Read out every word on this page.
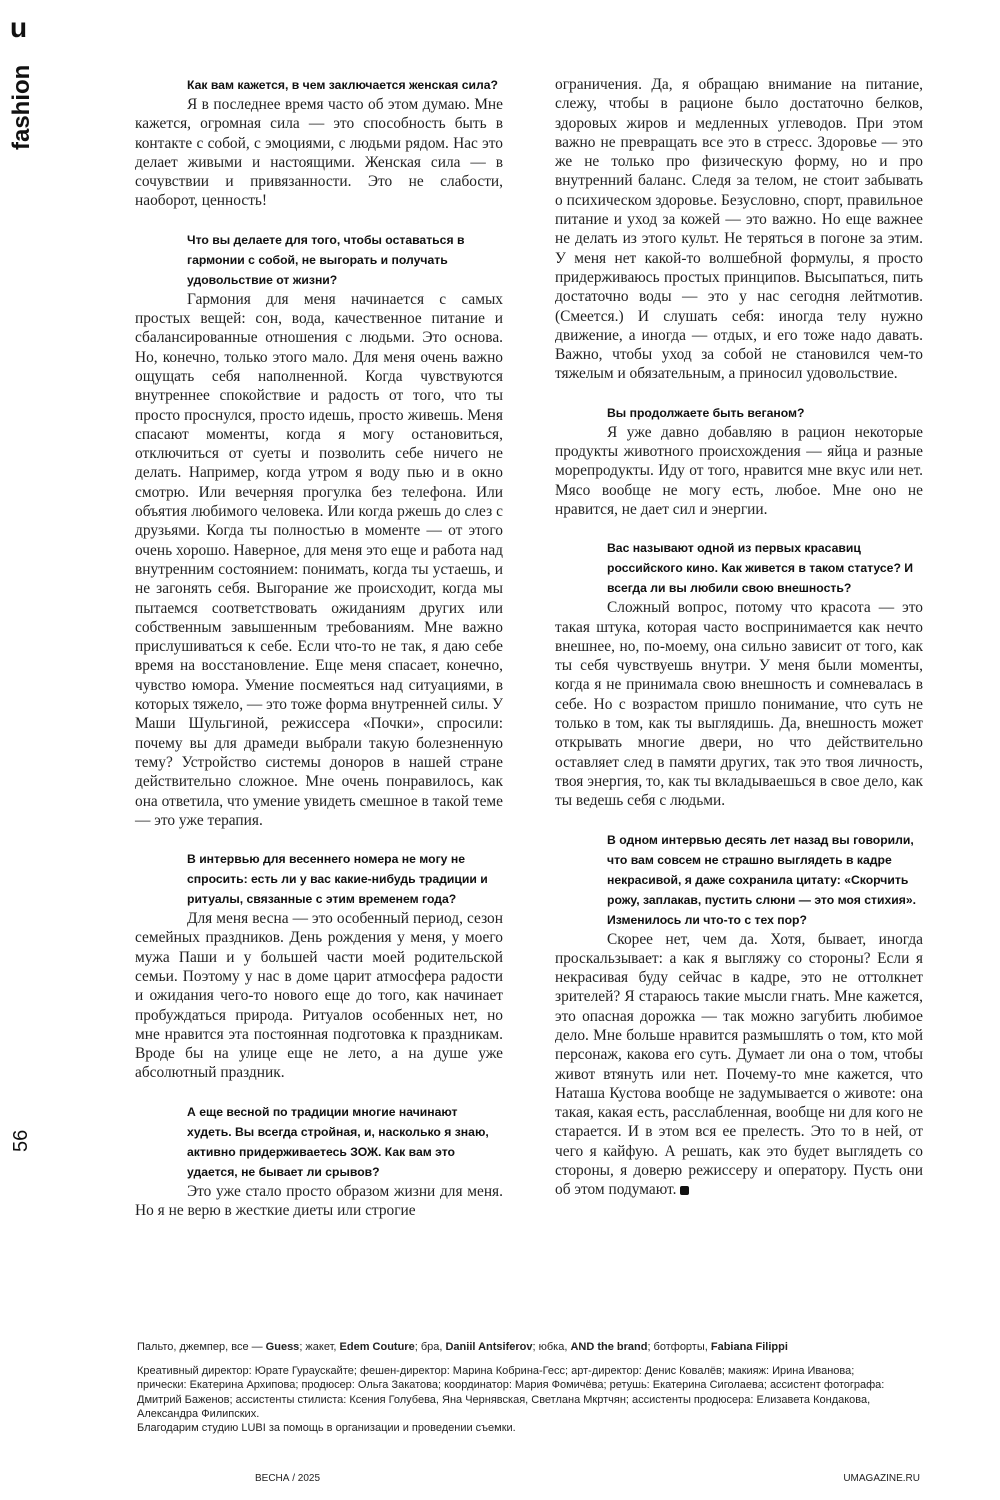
u
fashion
56

Как вам кажется, в чем заключается женская сила?

Я в последнее время часто об этом думаю. Мне кажется, огромная сила — это способность быть в контакте с собой, с эмоциями, с людьми рядом. Нас это делает живыми и настоящими. Женская сила — в сочувствии и привязанности. Это не слабости, наоборот, ценность!

Что вы делаете для того, чтобы оставаться в гармонии с собой, не выгорать и получать удовольствие от жизни?

Гармония для меня начинается с самых простых вещей: сон, вода, качественное питание и сбалансированные отношения с людьми. Это основа. Но, конечно, только этого мало. Для меня очень важно ощущать себя наполненной. Когда чувствуются внутреннее спокойствие и радость от того, что ты просто проснулся, просто идешь, просто живешь. Меня спасают моменты, когда я могу остановиться, отключиться от суеты и позволить себе ничего не делать. Например, когда утром я воду пью и в окно смотрю. Или вечерняя прогулка без телефона. Или объятия любимого человека. Или когда ржешь до слез с друзьями. Когда ты полностью в моменте — от этого очень хорошо. Наверное, для меня это еще и работа над внутренним состоянием: понимать, когда ты устаешь, и не загонять себя. Выгорание же происходит, когда мы пытаемся соответствовать ожиданиям других или собственным завышенным требованиям. Мне важно прислушиваться к себе. Если что-то не так, я даю себе время на восстановление. Еще меня спасает, конечно, чувство юмора. Умение посмеяться над ситуациями, в которых тяжело, — это тоже форма внутренней силы. У Маши Шульгиной, режиссера «Почки», спросили: почему вы для драмеди выбрали такую болезненную тему? Устройство системы доноров в нашей стране действительно сложное. Мне очень понравилось, как она ответила, что умение увидеть смешное в такой теме — это уже терапия.

В интервью для весеннего номера не могу не спросить: есть ли у вас какие-нибудь традиции и ритуалы, связанные с этим временем года?

Для меня весна — это особенный период, сезон семейных праздников. День рождения у меня, у моего мужа Паши и у большей части моей родительской семьи. Поэтому у нас в доме царит атмосфера радости и ожидания чего-то нового еще до того, как начинает пробуждаться природа. Ритуалов особенных нет, но мне нравится эта постоянная подготовка к праздникам. Вроде бы на улице еще не лето, а на душе уже абсолютный праздник.

А еще весной по традиции многие начинают худеть. Вы всегда стройная, и, насколько я знаю, активно придерживаетесь ЗОЖ. Как вам это удается, не бывает ли срывов?

Это уже стало просто образом жизни для меня. Но я не верю в жесткие диеты или строгие

ограничения. Да, я обращаю внимание на питание, слежу, чтобы в рационе было достаточно белков, здоровых жиров и медленных углеводов. При этом важно не превращать все это в стресс. Здоровье — это же не только про физическую форму, но и про внутренний баланс. Следя за телом, не стоит забывать о психическом здоровье. Безусловно, спорт, правильное питание и уход за кожей — это важно. Но еще важнее не делать из этого культ. Не теряться в погоне за этим. У меня нет какой-то волшебной формулы, я просто придерживаюсь простых принципов. Высыпаться, пить достаточно воды — это у нас сегодня лейтмотив. (Смеется.) И слушать себя: иногда телу нужно движение, а иногда — отдых, и его тоже надо давать. Важно, чтобы уход за собой не становился чем-то тяжелым и обязательным, а приносил удовольствие.

Вы продолжаете быть веганом?

Я уже давно добавляю в рацион некоторые продукты животного происхождения — яйца и разные морепродукты. Иду от того, нравится мне вкус или нет. Мясо вообще не могу есть, любое. Мне оно не нравится, не дает сил и энергии.

Вас называют одной из первых красавиц российского кино. Как живется в таком статусе? И всегда ли вы любили свою внешность?

Сложный вопрос, потому что красота — это такая штука, которая часто воспринимается как нечто внешнее, но, по-моему, она сильно зависит от того, как ты себя чувствуешь внутри. У меня были моменты, когда я не принимала свою внешность и сомневалась в себе. Но с возрастом пришло понимание, что суть не только в том, как ты выглядишь. Да, внешность может открывать многие двери, но что действительно оставляет след в памяти других, так это твоя личность, твоя энергия, то, как ты вкладываешься в свое дело, как ты ведешь себя с людьми.

В одном интервью десять лет назад вы говорили, что вам совсем не страшно выглядеть в кадре некрасивой, я даже сохранила цитату: «Скорчить рожу, заплакав, пустить слюни — это моя стихия». Изменилось ли что-то с тех пор?

Скорее нет, чем да. Хотя, бывает, иногда проскальзывает: а как я выгляжу со стороны? Если я некрасивая буду сейчас в кадре, это не оттолкнет зрителей? Я стараюсь такие мысли гнать. Мне кажется, это опасная дорожка — так можно загубить любимое дело. Мне больше нравится размышлять о том, кто мой персонаж, какова его суть. Думает ли она о том, чтобы живот втянуть или нет. Почему-то мне кажется, что Наташа Кустова вообще не задумывается о животе: она такая, какая есть, расслабленная, вообще ни для кого не старается. И в этом вся ее прелесть. Это то в ней, от чего я кайфую. А решать, как это будет выглядеть со стороны, я доверю режиссеру и оператору. Пусть они об этом подумают.

Пальто, джемпер, все — Guess; жакет, Edem Couture; бра, Daniil Antsiferov; юбка, AND the brand; ботфорты, Fabiana Filippi

Креативный директор: Юрате Гураускайте; фешен-директор: Марина Кобрина-Гесс; арт-директор: Денис Ковалёв; макияж: Ирина Иванова; прически: Екатерина Архипова; продюсер: Ольга Закатова; координатор: Мария Фомичёва; ретушь: Екатерина Сиголаева; ассистент фотографа: Дмитрий Баженов; ассистенты стилиста: Ксения Голубева, Яна Чернявская, Светлана Мкртчян; ассистенты продюсера: Елизавета Кондакова, Александра Филипских.

Благодарим студию LUBI за помощь в организации и проведении съемки.

ВЕСНА / 2025	UMAGAZINE.RU
